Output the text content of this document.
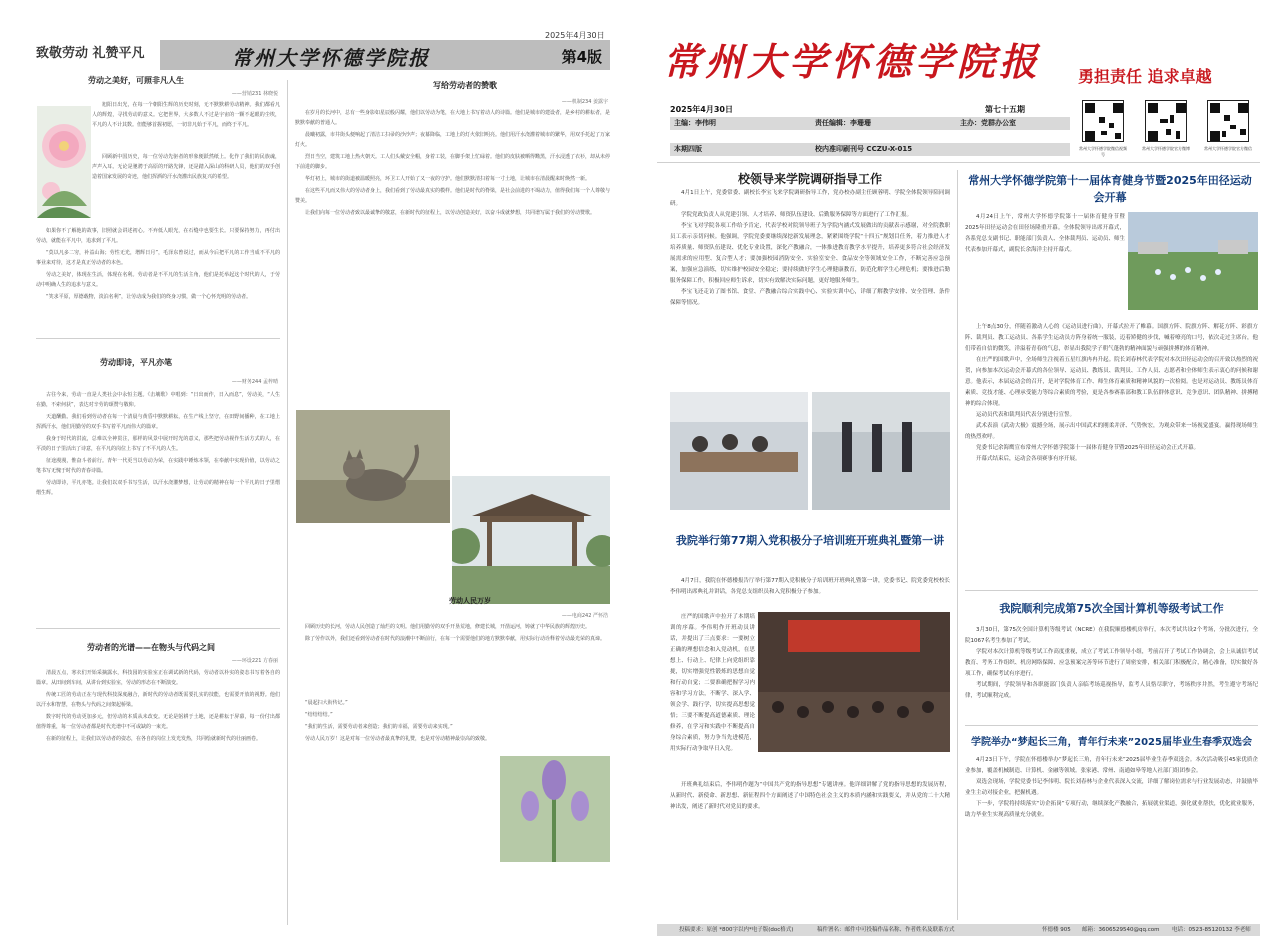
2025年4月30日
致敬劳动 礼赞平凡	常州大学怀德学院报	第4版
劳动之美好，可照非凡人生
——营销231 林晓悦

旭阳日出光，在每一个朝阳生辉的历史时刻，无不默默耕劳动精神。我们都看凡人的辉煌，寻找劳动的意义。它把世界，大多数人不过是宇宙的一颗不起眼的尘埃，平凡的人不计其数。但能够首握初愿，一切非凡始于平凡，而终于平凡。

回顾新中国历史，每一位劳动先驱者的形象便跃然纸上。化作了我们的民族魂，声声入耳。无论是驰骋于高原的开路先锋，还是踏入深山的科研人员，他们的双手创造着国家发展的奇迹，他们挥洒的汗水浇灌出民族复兴的希望。

如果你不了解他的故事，旧照就会讲述初心。不弃低人眼光，在石缝中也要生长。只要保持努力，再付出劳动，就能在平凡中，追求到了平凡。

“莫以凡多二穷，补益山海；劳性无光，增辉日月”，毛泽东曾说过，而从今后把平凡的工作当成不平凡的事业来对待，这才是真正劳动者的本色。

劳动之美好，体现在生活，体现在名利。劳动者是不平凡的生活主角，他们是托举起这个时代的人，于劳动中明确人生的追求与意义。

“笑求平原，厚德载物，淡泊名利”，让劳动成为我们的终身习惯，做一个心怀光明的劳动者。

劳动即诗，平凡亦笔
——财务244 孟梓晴

古往今来，劳动一直是人类社会中永恒主题。《击壤歌》中唱到：“日出而作，日入而息”，劳动美，“人生在勤，不索何获”，表达对辛劳的颂赞与敬仰。

天道酬勤。我们看到劳动者在每一个清晨与黄昏中默默耕耘，在生产线上坚守，在田野间播种，在工地上挥洒汗水，他们用勤劳的双手书写着平凡而伟大的篇章。

我身于时代的洪流，总难以全神贯注，那样的风景中展开时光的意义，那些把劳动视作生活方式的人，在平淡的日子里活出了诗意，在平凡的岗位上书写了不平凡的人生。

征途漫漫，惟奋斗者前行。青年一代更当以劳动为荣，在实践中锤炼本领，在奉献中实现价值，以劳动之笔书写无愧于时代的青春诗篇。

劳动即诗，平凡亦笔。让我们以双手书写生活，以汗水浇灌梦想，让劳动的精神在每一个平凡的日子里熠熠生辉。

劳动者的光谱——在物头与代码之间
——环设221 方春丽

清晨五点，寒衣们开始采摘露水，科技园的实验室正在调试新的代码，劳动者以朴实的姿态书写着各自的篇章。从田间到车间，从讲台到实验室，劳动的形态在不断演变。

传统工匠的劳动正在与现代科技深度融合，新时代的劳动者既需要扎实的技能，也需要开放的视野。他们以汗水和智慧，在物头与代码之间架起桥梁。

数字时代的劳动更加多元，但劳动的本质从未改变。无论是躬耕于土地，还是耕耘于屏幕，每一份付出都值得尊重，每一位劳动者都是时代光谱中不可或缺的一束光。

在新的征程上，让我们以劳动者的姿态，在各自的岗位上发光发热，共同绘就新时代的壮丽画卷。

写给劳动者的赞歌
——机制234 姜露宇

在岁月的长河中，总有一些身影如星辰般闪耀，他们以劳动为笔，在大地上书写着动人的诗篇。他们是城市的建设者，是乡村的耕耘者，是默默奉献的普通人。

晨曦初露，市井街头便响起了清洁工扫帚的沙沙声；夜幕降临，工地上的灯火依旧明亮。他们用汗水浇灌着城市的繁华，用双手托起了万家灯火。

烈日当空，建筑工地上热火朝天。工人们头戴安全帽，身着工装，在脚手架上忙碌着。他们的皮肤被晒得黝黑，汗水浸透了衣衫，却从未停下前进的脚步。

华灯初上，城市的街道被温暖照亮，环卫工人开始了又一夜的守护。他们默默清扫着每一寸土地，让城市在清晨醒来时焕然一新。

在这些平凡而又伟大的劳动者身上，我们看到了劳动最真实的模样。他们是时代的脊梁，是社会前进的不竭动力，值得我们每一个人尊敬与赞美。

让我们向每一位劳动者致以最诚挚的敬意，在新时代的征程上，以劳动创造美好，以奋斗成就梦想，共同谱写属于我们的劳动赞歌。

劳动人民万岁
——电商242 严怀浩

回顾历史的长河，劳动人民创造了灿烂的文明。他们用勤劳的双手开垦荒地，修建长城，开凿运河，铸就了中华民族的辉煌历史。

除了劳作以外，我们还看到劳动者在时代的浪潮中不断前行，在每一个需要他们的地方默默奉献，用实际行动诠释着劳动最光荣的真谛。

“晨起扫大衔传记。”

“结结结结。”

“我们的生活，需要劳动者来创造；我们的幸福，需要劳动来实现。”

劳动人民万岁！这是对每一位劳动者最真挚的礼赞，也是对劳动精神最崇高的致敬。

常州大学怀德学院报 勇担责任 追求卓越
2025年4月30日	第七十五期
主编：李伟明	责任编辑：李珊珊	主办：党群办公室
本期四版	校内准印刷刊号 CCZU-X-015	常州大学怀德学院微信视频号
常州大学怀德学院官方微博	常州大学怀德学院官方微信
校领导来学院调研指导工作

4月1日上午，党委常委、副校长李宝飞来学院调研指导工作，党办校办副主任顾蓉明、学院全体院领导陪同调研。

学院党政负责人从党建引领、人才培养、师资队伍建设、后勤服务保障等方面进行了工作汇报。

李宝飞对学院各项工作给予肯定，代表学校对院领导班子为学院内涵式发展做出的贡献表示感谢，对全院教职员工表示亲切问候。他强调，学院党委要继续深挖新发展理念，紧紧围绕学院“十四五”规划目任务，着力推进人才培养质量、师资队伍建设、优化专业设置，深化产教融合，一体推进教育教学水平提升，培养更多符合社会经济发展需求的应用型、复合型人才；要加强校园消防安全、实验室安全、食品安全等领域安全工作，不断完善应急预案，加强应急演练，切实维护校园安全稳定；要持续做好学生心理健康教育，防范化解学生心理危机；要推进后勤服务保障工作，积极回应师生诉求，切实有效解决实际问题，更好地服务师生。

李宝飞还走访了图书馆、食堂、产教融合综合实践中心、实验实训中心，详细了解教学安排、安全管理、条件保障等情况。

常州大学怀德学院第十一届体育健身节暨2025年田径运动会开幕

4月24日上午，常州大学怀德学院第十一届体育健身节暨2025年田径运动会在田径场隆重开幕。全体院领导出席开幕式，各系党总支副书记、职能部门负责人、全体裁判员、运动员、师生代表参加开幕式，副院长余海洋主持开幕式。

上午8点30分，伴随着激动人心的《运动员进行曲》，开幕式拉开了帷幕。国旗方阵、院旗方阵、解花方阵、彩旗方阵、裁判员、教工运动员、各系学生运动员方阵身着统一服装，迈着矫健的步伐，喊着嘹亮的口号，依次走过主席台，他们带着自信的微笑，洋溢着青春的气息，彰显出我院学子朝气蓬勃的精神面貌与顽强拼搏的体育精神。

在庄严的国歌声中，全场师生注视着五星红旗冉冉升起。院长刘春林代表学院对本次田径运动会的召开致以热烈的祝贺，向参加本次运动会开幕式的各位领导、运动员、教练员、裁判员、工作人员、志愿者和全体师生表示衷心的问候和谢意。他表示，本届运动会的召开，是对学院体育工作、师生体育素质和精神风貌的一次检阅。也是对运动员、教练员体育素质、竞技才能、心理承受能力等综合素质的考验，更是各参赛系部和教工队伍群体意识、竞争意识、团队精神、拼搏精神的综合体现。

运动员代表和裁判员代表分别进行宣誓。

武术表演《武动大极》震撼全场，展示出中国武术的刚柔并济、气势恢宏，为观众带来一场视觉盛宴。赢得现场师生的热烈欢呼。

党委书记余海鹰宣布常州大学怀德学院第十一届体育健身节暨2025年田径运动会正式开幕。

开幕式结束后，运动会各项赛事有序开展。

我院举行第77期入党积极分子培训班开班典礼暨第一讲

4月7日，我院在怀德楼报告厅举行第77期入党积极分子培训班开班典礼暨第一讲，党委书记、院党委党校校长李伟明出席典礼并讲话，各党总支组织员和入党积极分子参加。

庄严的国歌声中拉开了本期培训的序幕。李伟明作开班动员讲话，并提出了三点要求：一要树立正确的理想信念和入党动机，在思想上、行动上、纪律上向党组织靠拢，切实增强党性锻炼的思想自觉和行动自觉；二要准确把握学习内容和学习方法，不断学、深入学、领会学、践行学，切实提高思想觉悟；三要不断提高道德素质、理论修养，在学习和实践中不断提高自身综合素质，努力争当先进模范，用实际行动争取早日入党。

开班典礼结束后，李伟明作题为“中国共产党的指导思想”专题讲座。他详细讲解了党的指导思想的发展历程，从新时代、新使命、新思想、新征程四个方面阐述了中国特色社会主义的本质内涵和实践要义，并从党的二十大精神出发，阐述了新时代对党员的要求。

我院顺利完成第75次全国计算机等级考试工作

3月30日，第75次全国计算机等级考试（NCRE）在我院顺德楼机房举行，本次考试共设2个考场，分批次进行，全院1067名考生参加了考试。

学院对本次计算机等级考试工作高度重视，成立了考试工作领导小组，考前召开了考试工作协调会，会上从诚信考试教育、考务工作组织、机房网络保障、应急预案完善等环节进行了周密安排，相关部门积极配合，精心准备，切实做好各项工作，确保考试有序进行。

考试期间，学院领导和各职能部门负责人亲临考场巡视指导，监考人员恪尽职守，考场秩序井然，考生遵守考场纪律，考试顺利完成。

学院举办“梦起长三角，青年行未来”2025届毕业生春季双选会

4月23日下午，学院在怀德楼举办“梦起长三角，青年行未来”2025届毕业生春季双选会。本次活动吸引45家优质企业参加，覆盖机械制造、计算机、金融等领域。张家港、常州、南通如皋等地人社部门组团参会。

双选会现场，学院党委书记李伟明、院长刘春林与企业代表深入交流，详细了解岗位需求与行业发展动态，并鼓励毕业生主动对接企业，把握机遇。

下一步，学院将持续落实“访企拓岗”专项行动，继续深化产教融合，拓展就业渠道，强化就业帮扶，优化就业服务，助力毕业生实现高质量充分就业。

投稿要求：原创 *800字以内*电子版(doc格式)	稿件署名：邮件中可投稿作品名称、作者姓名及联系方式	怀德楼 905 邮箱：3606529540@qq.com 电话：0523-85120132 李老师
